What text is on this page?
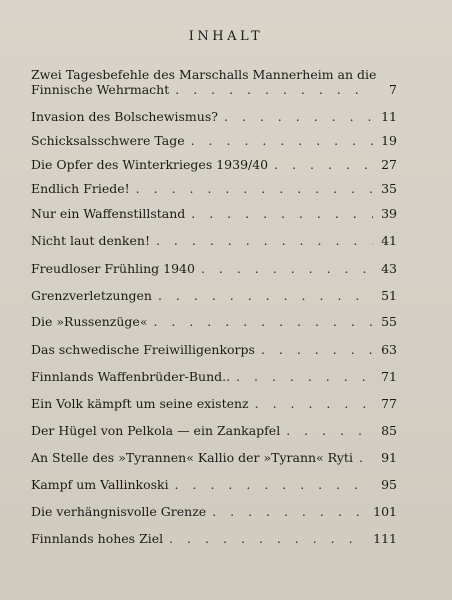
INHALT
Zwei Tagesbefehle des Marschalls Mannerheim an die
Finnische Wehrmacht . . .	7
Invasion des Bolschewismus? . . .	11
Schicksalsschwere Tage . . .	19
Die Opfer des Winterkrieges 1939/40 . . .	27
Endlich Friede! . . .	35
Nur ein Waffenstillstand . . .	39
Nicht laut denken! . . .	41
Freudloser Frühling 1940 . . .	43
Grenzverletzungen . . .	51
Die »Russenzüge« . . .	55
Das schwedische Freiwilligenkorps . . .	63
Finnlands Waffenbrüder-Bund.. . . .	71
Ein Volk kämpft um seine existenz . . .	77
Der Hügel von Pelkola — ein Zankapfel . . .	85
An Stelle des »Tyrannen« Kallio der »Tyrann« Ryti . . . 91
Kampf um Vallinkoski . . .	95
Die verhängnisvolle Grenze . . .	101
Finnlands hohes Ziel . . .	111
